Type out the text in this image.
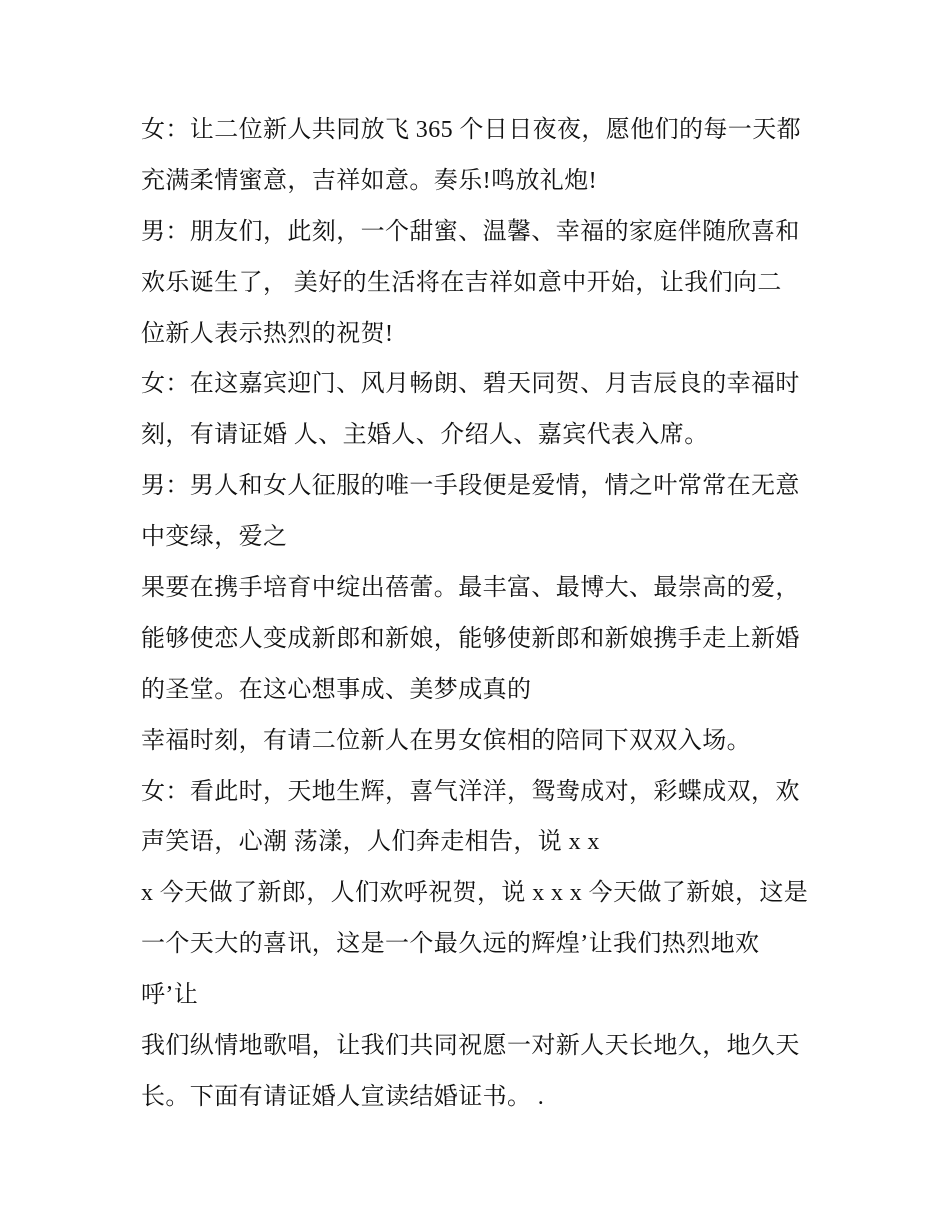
女：让二位新人共同放飞 365 个日日夜夜，愿他们的每一天都
充满柔情蜜意，吉祥如意。奏乐!鸣放礼炮!
男：朋友们，此刻，一个甜蜜、温馨、幸福的家庭伴随欣喜和
欢乐诞生了， 美好的生活将在吉祥如意中开始，让我们向二
位新人表示热烈的祝贺!
女：在这嘉宾迎门、风月畅朗、碧天同贺、月吉辰良的幸福时
刻，有请证婚 人、主婚人、介绍人、嘉宾代表入席。
男：男人和女人征服的唯一手段便是爱情，情之叶常常在无意
中变绿，爱之
果要在携手培育中绽出蓓蕾。最丰富、最博大、最崇高的爱，
能够使恋人变成新郎和新娘，能够使新郎和新娘携手走上新婚
的圣堂。在这心想事成、美梦成真的
幸福时刻，有请二位新人在男女傧相的陪同下双双入场。
女：看此时，天地生辉，喜气洋洋，鸳鸯成对，彩蝶成双，欢
声笑语，心潮 荡漾，人们奔走相告，说 x x
x 今天做了新郎，人们欢呼祝贺，说 x x x 今天做了新娘，这是
一个天大的喜讯，这是一个最久远的辉煌’让我们热烈地欢
呼’让
我们纵情地歌唱，让我们共同祝愿一对新人天长地久，地久天
长。下面有请证婚人宣读结婚证书。 .
